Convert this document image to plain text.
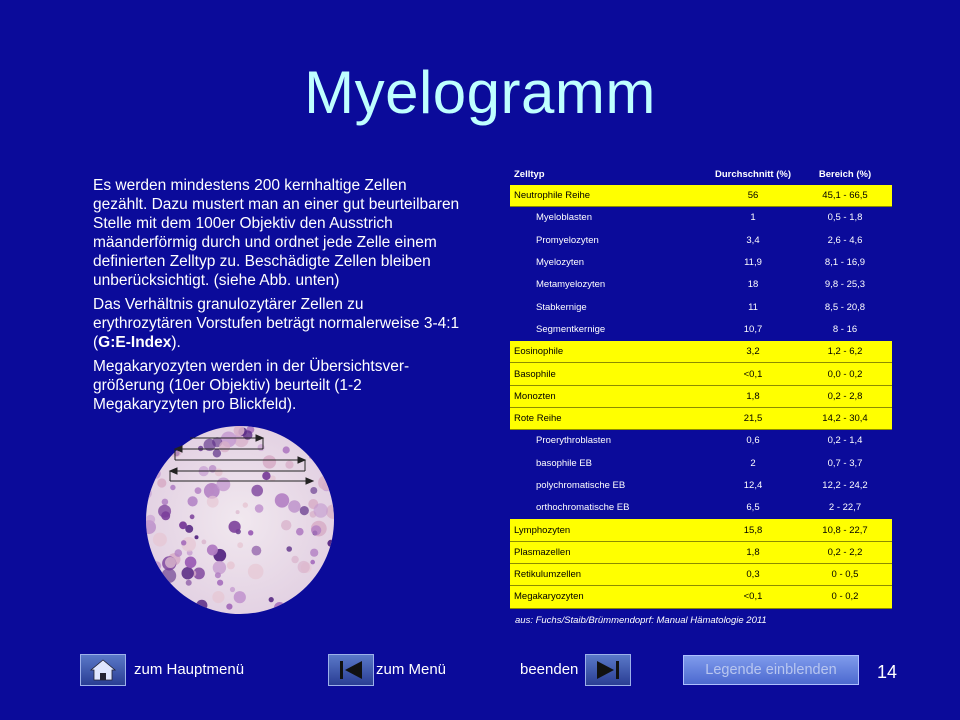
Myelogramm

Es werden mindestens 200 kernhaltige Zellen gezählt. Dazu mustert man an einer gut beurteilbaren Stelle mit dem 100er Objektiv den Ausstrich mäanderförmig durch und ordnet jede Zelle einem definierten Zelltyp zu. Beschädigte Zellen bleiben unberücksichtigt. (siehe Abb. unten)

Das Verhältnis granulozytärer Zellen zu erythrozytären Vorstufen beträgt normalerweise 3-4:1 (G:E-Index).

Megakaryozyten werden in der Übersichtsver-größerung (10er Objektiv) beurteilt (1-2 Megakaryzyten pro Blickfeld).

Zelltyp	Durchschnitt (%)	Bereich (%)
Neutrophile Reihe	56	45,1 - 66,5
Myeloblasten	1	0,5 - 1,8
Promyelozyten	3,4	2,6 - 4,6
Myelozyten	11,9	8,1 - 16,9
Metamyelozyten	18	9,8 - 25,3
Stabkernige	11	8,5 - 20,8
Segmentkernige	10,7	8 - 16
Eosinophile	3,2	1,2 - 6,2
Basophile	<0,1	0,0 - 0,2
Monozten	1,8	0,2 - 2,8
Rote Reihe	21,5	14,2 - 30,4
Proerythroblasten	0,6	0,2 - 1,4
basophile EB	2	0,7 - 3,7
polychromatische EB	12,4	12,2 - 24,2
orthochromatische EB	6,5	2 - 22,7
Lymphozyten	15,8	10,8 - 22,7
Plasmazellen	1,8	0,2 - 2,2
Retikulumzellen	0,3	0 - 0,5
Megakaryozyten	<0,1	0 - 0,2
aus: Fuchs/Staib/Brümmendoprf: Manual Hämatologie 2011
zum Hauptmenü	zum Menü	beenden	Legende einblenden	14
